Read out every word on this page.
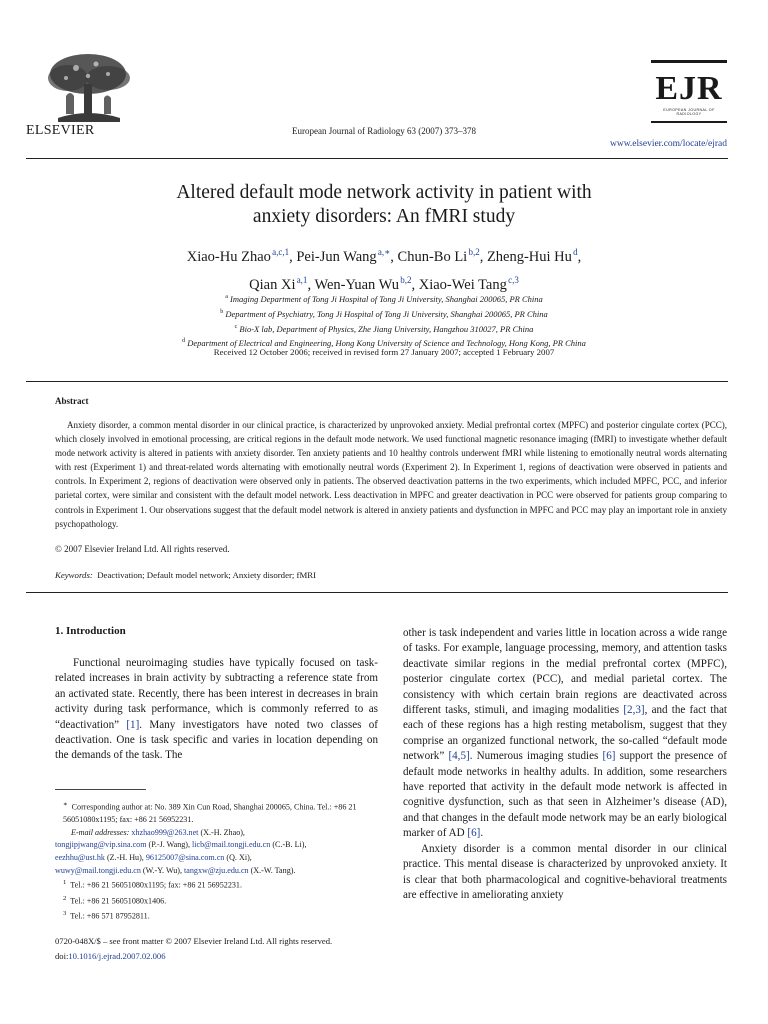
ELSEVIER	European Journal of Radiology 63 (2007) 373–378
EJR
EUROPEAN JOURNAL OF RADIOLOGY
www.elsevier.com/locate/ejrad
Altered default mode network activity in patient with
anxiety disorders: An fMRI study
Xiao-Hu Zhao $^{a,c,1}$, Pei-Jun Wang $^{a,∗}$, Chun-Bo Li $^{b,2}$, Zheng-Hui Hu $^d$,
Qian Xi $^{a,1}$, Wen-Yuan Wu $^{b,2}$, Xiao-Wei Tang $^{c,3}$
$^a$ Imaging Department of Tong Ji Hospital of Tong Ji University, Shanghai 200065, PR China
$^b$ Department of Psychiatry, Tong Ji Hospital of Tong Ji University, Shanghai 200065, PR China
$^c$ Bio-X lab, Department of Physics, Zhe Jiang University, Hangzhou 310027, PR China
$^d$ Department of Electrical and Engineering, Hong Kong University of Science and Technology, Hong Kong, PR China
Received 12 October 2006; received in revised form 27 January 2007; accepted 1 February 2007
Abstract
Anxiety disorder, a common mental disorder in our clinical practice, is characterized by unprovoked anxiety. Medial prefrontal cortex (MPFC) and posterior cingulate cortex (PCC), which closely involved in emotional processing, are critical regions in the default mode network. We used functional magnetic resonance imaging (fMRI) to investigate whether default mode network activity is altered in patients with anxiety disorder. Ten anxiety patients and 10 healthy controls underwent fMRI while listening to emotionally neutral words alternating with rest (Experiment 1) and threat-related words alternating with emotionally neutral words (Experiment 2). In Experiment 1, regions of deactivation were observed in patients and controls. In Experiment 2, regions of deactivation were observed only in patients. The observed deactivation patterns in the two experiments, which included MPFC, PCC, and inferior parietal cortex, were similar and consistent with the default model network. Less deactivation in MPFC and greater deactivation in PCC were observed for patients group comparing to controls in Experiment 1. Our observations suggest that the default model network is altered in anxiety patients and dysfunction in MPFC and PCC may play an important role in anxiety psychopathology.
© 2007 Elsevier Ireland Ltd. All rights reserved.
Keywords: Deactivation; Default model network; Anxiety disorder; fMRI
1. Introduction

Functional neuroimaging studies have typically focused on task-related increases in brain activity by subtracting a reference state from an activated state. Recently, there has been interest in decreases in brain activity during task performance, which is commonly referred to as “deactivation” [1]. Many investigators have noted two classes of deactivation. One is task specific and varies in location depending on the demands of the task. The

∗ Corresponding author at: No. 389 Xin Cun Road, Shanghai 200065, China. Tel.: +86 21 56051080x1195; fax: +86 21 56952231.
E-mail addresses: xhzhao999@263.net (X.-H. Zhao),
tongjipjwang@vip.sina.com (P.-J. Wang), licb@mail.tongji.edu.cn (C.-B. Li),
eezhhu@ust.hk (Z.-H. Hu), 96125007@sina.com.cn (Q. Xi),
wuwy@mail.tongji.edu.cn (W.-Y. Wu), tangxw@zju.edu.cn (X.-W. Tang).
$^1$ Tel.: +86 21 56051080x1195; fax: +86 21 56952231.
$^2$ Tel.: +86 21 56051080x1406.
$^3$ Tel.: +86 571 87952811.

other is task independent and varies little in location across a wide range of tasks. For example, language processing, memory, and attention tasks deactivate similar regions in the medial prefrontal cortex (MPFC), posterior cingulate cortex (PCC), and medial parietal cortex. The consistency with which certain brain regions are deactivated across different tasks, stimuli, and imaging modalities [2,3], and the fact that each of these regions has a high resting metabolism, suggest that they comprise an organized functional network, the so-called “default mode network” [4,5]. Numerous imaging studies [6] support the presence of default mode networks in healthy adults. In addition, some researchers have reported that activity in the default mode network is affected in cognitive dysfunction, such as that seen in Alzheimer’s disease (AD), and that changes in the default mode network may be an early biological marker of AD [6].

Anxiety disorder is a common mental disorder in our clinical practice. This mental disease is characterized by unprovoked anxiety. It is clear that both pharmacological and cognitive-behavioral treatments are effective in ameliorating anxiety

0720-048X/$ – see front matter © 2007 Elsevier Ireland Ltd. All rights reserved.
doi:10.1016/j.ejrad.2007.02.006
